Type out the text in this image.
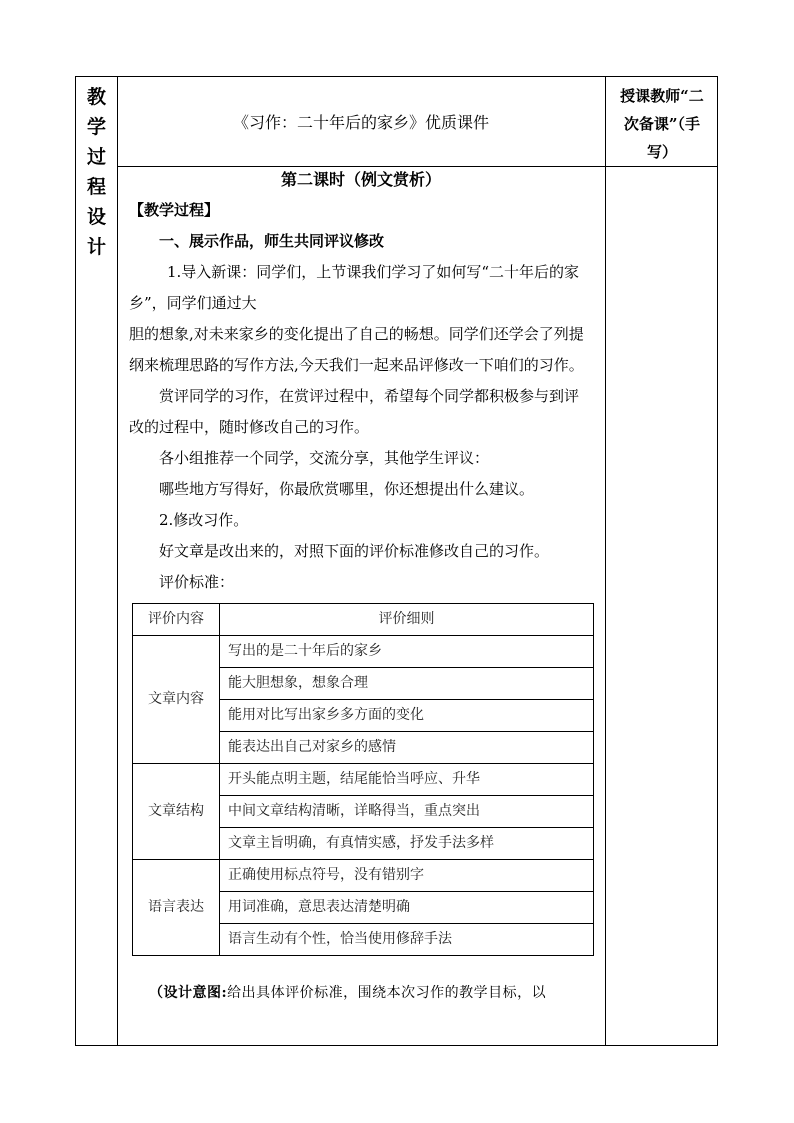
教
学
过
程
设
计
《习作：二十年后的家乡》优质课件
授课教师“二
次备课”（手
写）
第二课时（例文赏析）

【教学过程】

一、展示作品，师生共同评议修改

1.导入新课：同学们，上节课我们学习了如何写“二十年后的家乡”，同学们通过大

胆的想象,对未来家乡的变化提出了自己的畅想。同学们还学会了列提纲来梳理思路的写作方法,今天我们一起来品评修改一下咱们的习作。

赏评同学的习作，在赏评过程中，希望每个同学都积极参与到评改的过程中，随时修改自己的习作。

各小组推荐一个同学，交流分享，其他学生评议：

哪些地方写得好，你最欣赏哪里，你还想提出什么建议。

2.修改习作。

好文章是改出来的，对照下面的评价标准修改自己的习作。

评价标准：

评价内容	评价细则
文章内容	写出的是二十年后的家乡
	能大胆想象，想象合理
	能用对比写出家乡多方面的变化
	能表达出自己对家乡的感情
文章结构	开头能点明主题，结尾能恰当呼应、升华
	中间文章结构清晰，详略得当，重点突出
	文章主旨明确，有真情实感，抒发手法多样
语言表达	正确使用标点符号，没有错别字
	用词准确，意思表达清楚明确
	语言生动有个性，恰当使用修辞手法

（设计意图:给出具体评价标准，围绕本次习作的教学目标，以
